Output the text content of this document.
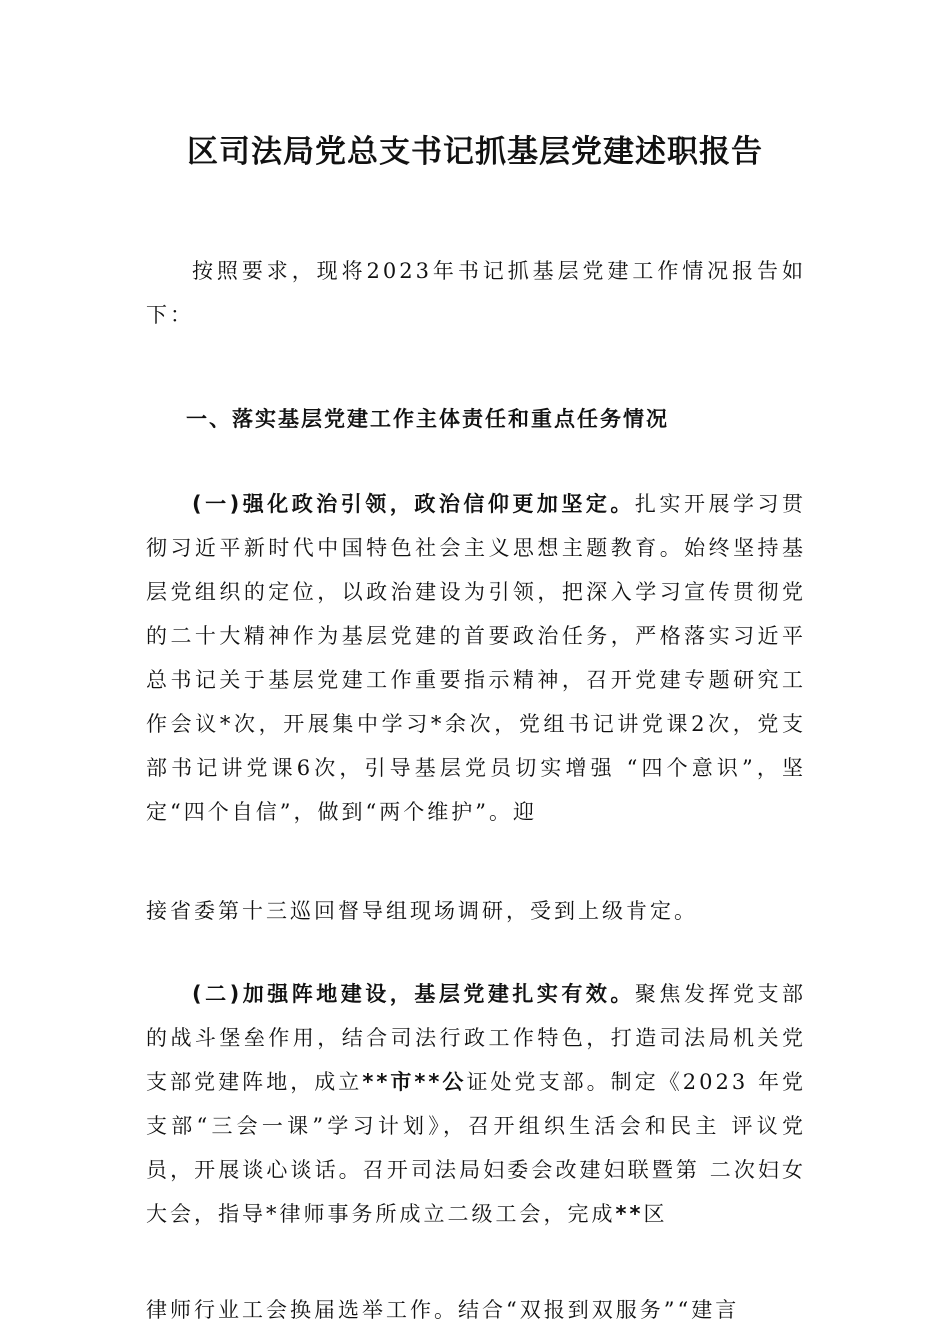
区司法局党总支书记抓基层党建述职报告

按照要求，现将2023年书记抓基层党建工作情况报告如下：

一、落实基层党建工作主体责任和重点任务情况

(一)强化政治引领，政治信仰更加坚定。扎实开展学习贯彻习近平新时代中国特色社会主义思想主题教育。始终坚持基层党组织的定位，以政治建设为引领，把深入学习宣传贯彻党的二十大精神作为基层党建的首要政治任务，严格落实习近平总书记关于基层党建工作重要指示精神，召开党建专题研究工作会议*次，开展集中学习*余次，党组书记讲党课2次，党支部书记讲党课6次，引导基层党员切实增强 “四个意识”，坚定“四个自信”，做到“两个维护”。迎

接省委第十三巡回督导组现场调研，受到上级肯定。

(二)加强阵地建设，基层党建扎实有效。聚焦发挥党支部的战斗堡垒作用，结合司法行政工作特色，打造司法局机关党支部党建阵地，成立**市**公证处党支部。制定《2023 年党支部“三会一课”学习计划》，召开组织生活会和民主 评议党员，开展谈心谈话。召开司法局妇委会改建妇联暨第 二次妇女大会，指导*律师事务所成立二级工会，完成**区

律师行业工会换届选举工作。结合“双报到双服务”“建言
